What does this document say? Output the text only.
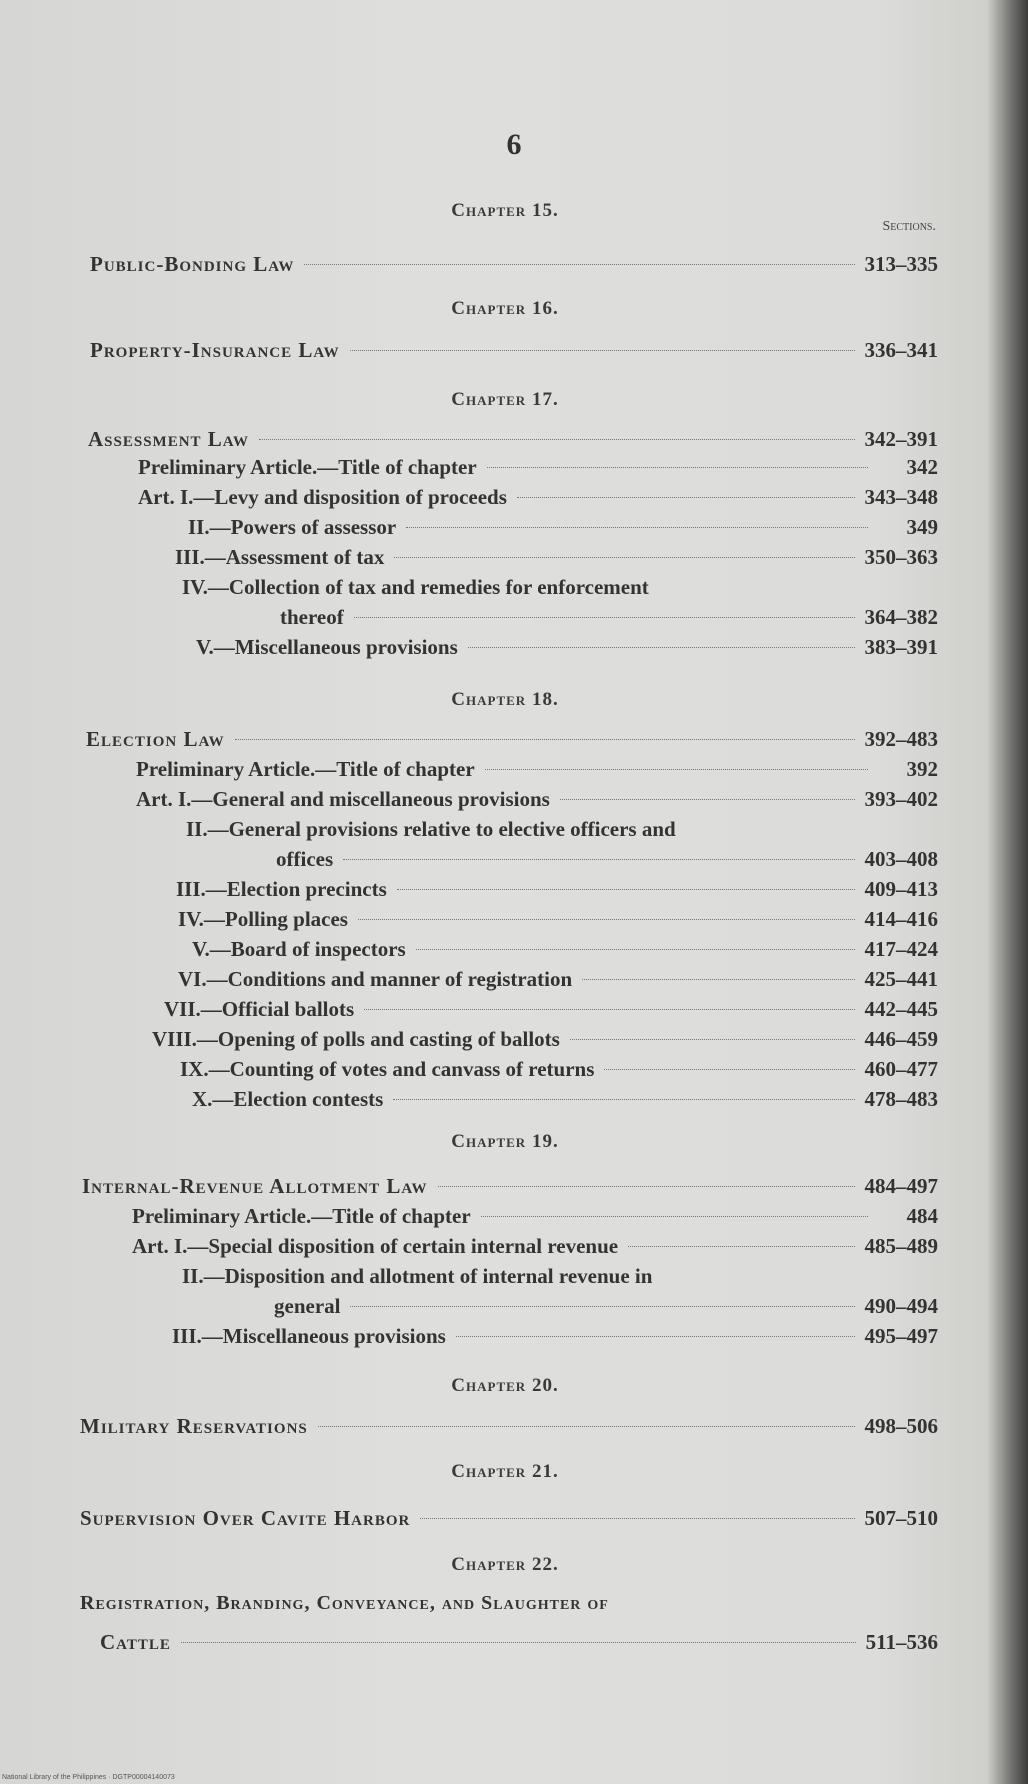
6
Chapter 15.
Sections.
Public-Bonding Law	313–335
Chapter 16.
Property-Insurance Law	336–341
Chapter 17.
Assessment Law	342–391
Preliminary Article.—Title of chapter	342
Art. I.—Levy and disposition of proceeds	343–348
II.—Powers of assessor	349
III.—Assessment of tax	350–363
IV.—Collection of tax and remedies for enforcement
thereof	364–382
V.—Miscellaneous provisions	383–391
Chapter 18.
Election Law	392–483
Preliminary Article.—Title of chapter	392
Art. I.—General and miscellaneous provisions	393–402
II.—General provisions relative to elective officers and
offices	403–408
III.—Election precincts	409–413
IV.—Polling places	414–416
V.—Board of inspectors	417–424
VI.—Conditions and manner of registration	425–441
VII.—Official ballots	442–445
VIII.—Opening of polls and casting of ballots	446–459
IX.—Counting of votes and canvass of returns	460–477
X.—Election contests	478–483
Chapter 19.
Internal-Revenue Allotment Law	484–497
Preliminary Article.—Title of chapter	484
Art. I.—Special disposition of certain internal revenue	485–489
II.—Disposition and allotment of internal revenue in
general	490–494
III.—Miscellaneous provisions	495–497
Chapter 20.
Military Reservations	498–506
Chapter 21.
Supervision Over Cavite Harbor	507–510
Chapter 22.
Registration, Branding, Conveyance, and Slaughter of
Cattle	511–536
National Library of the Philippines · DGTP00004140073
